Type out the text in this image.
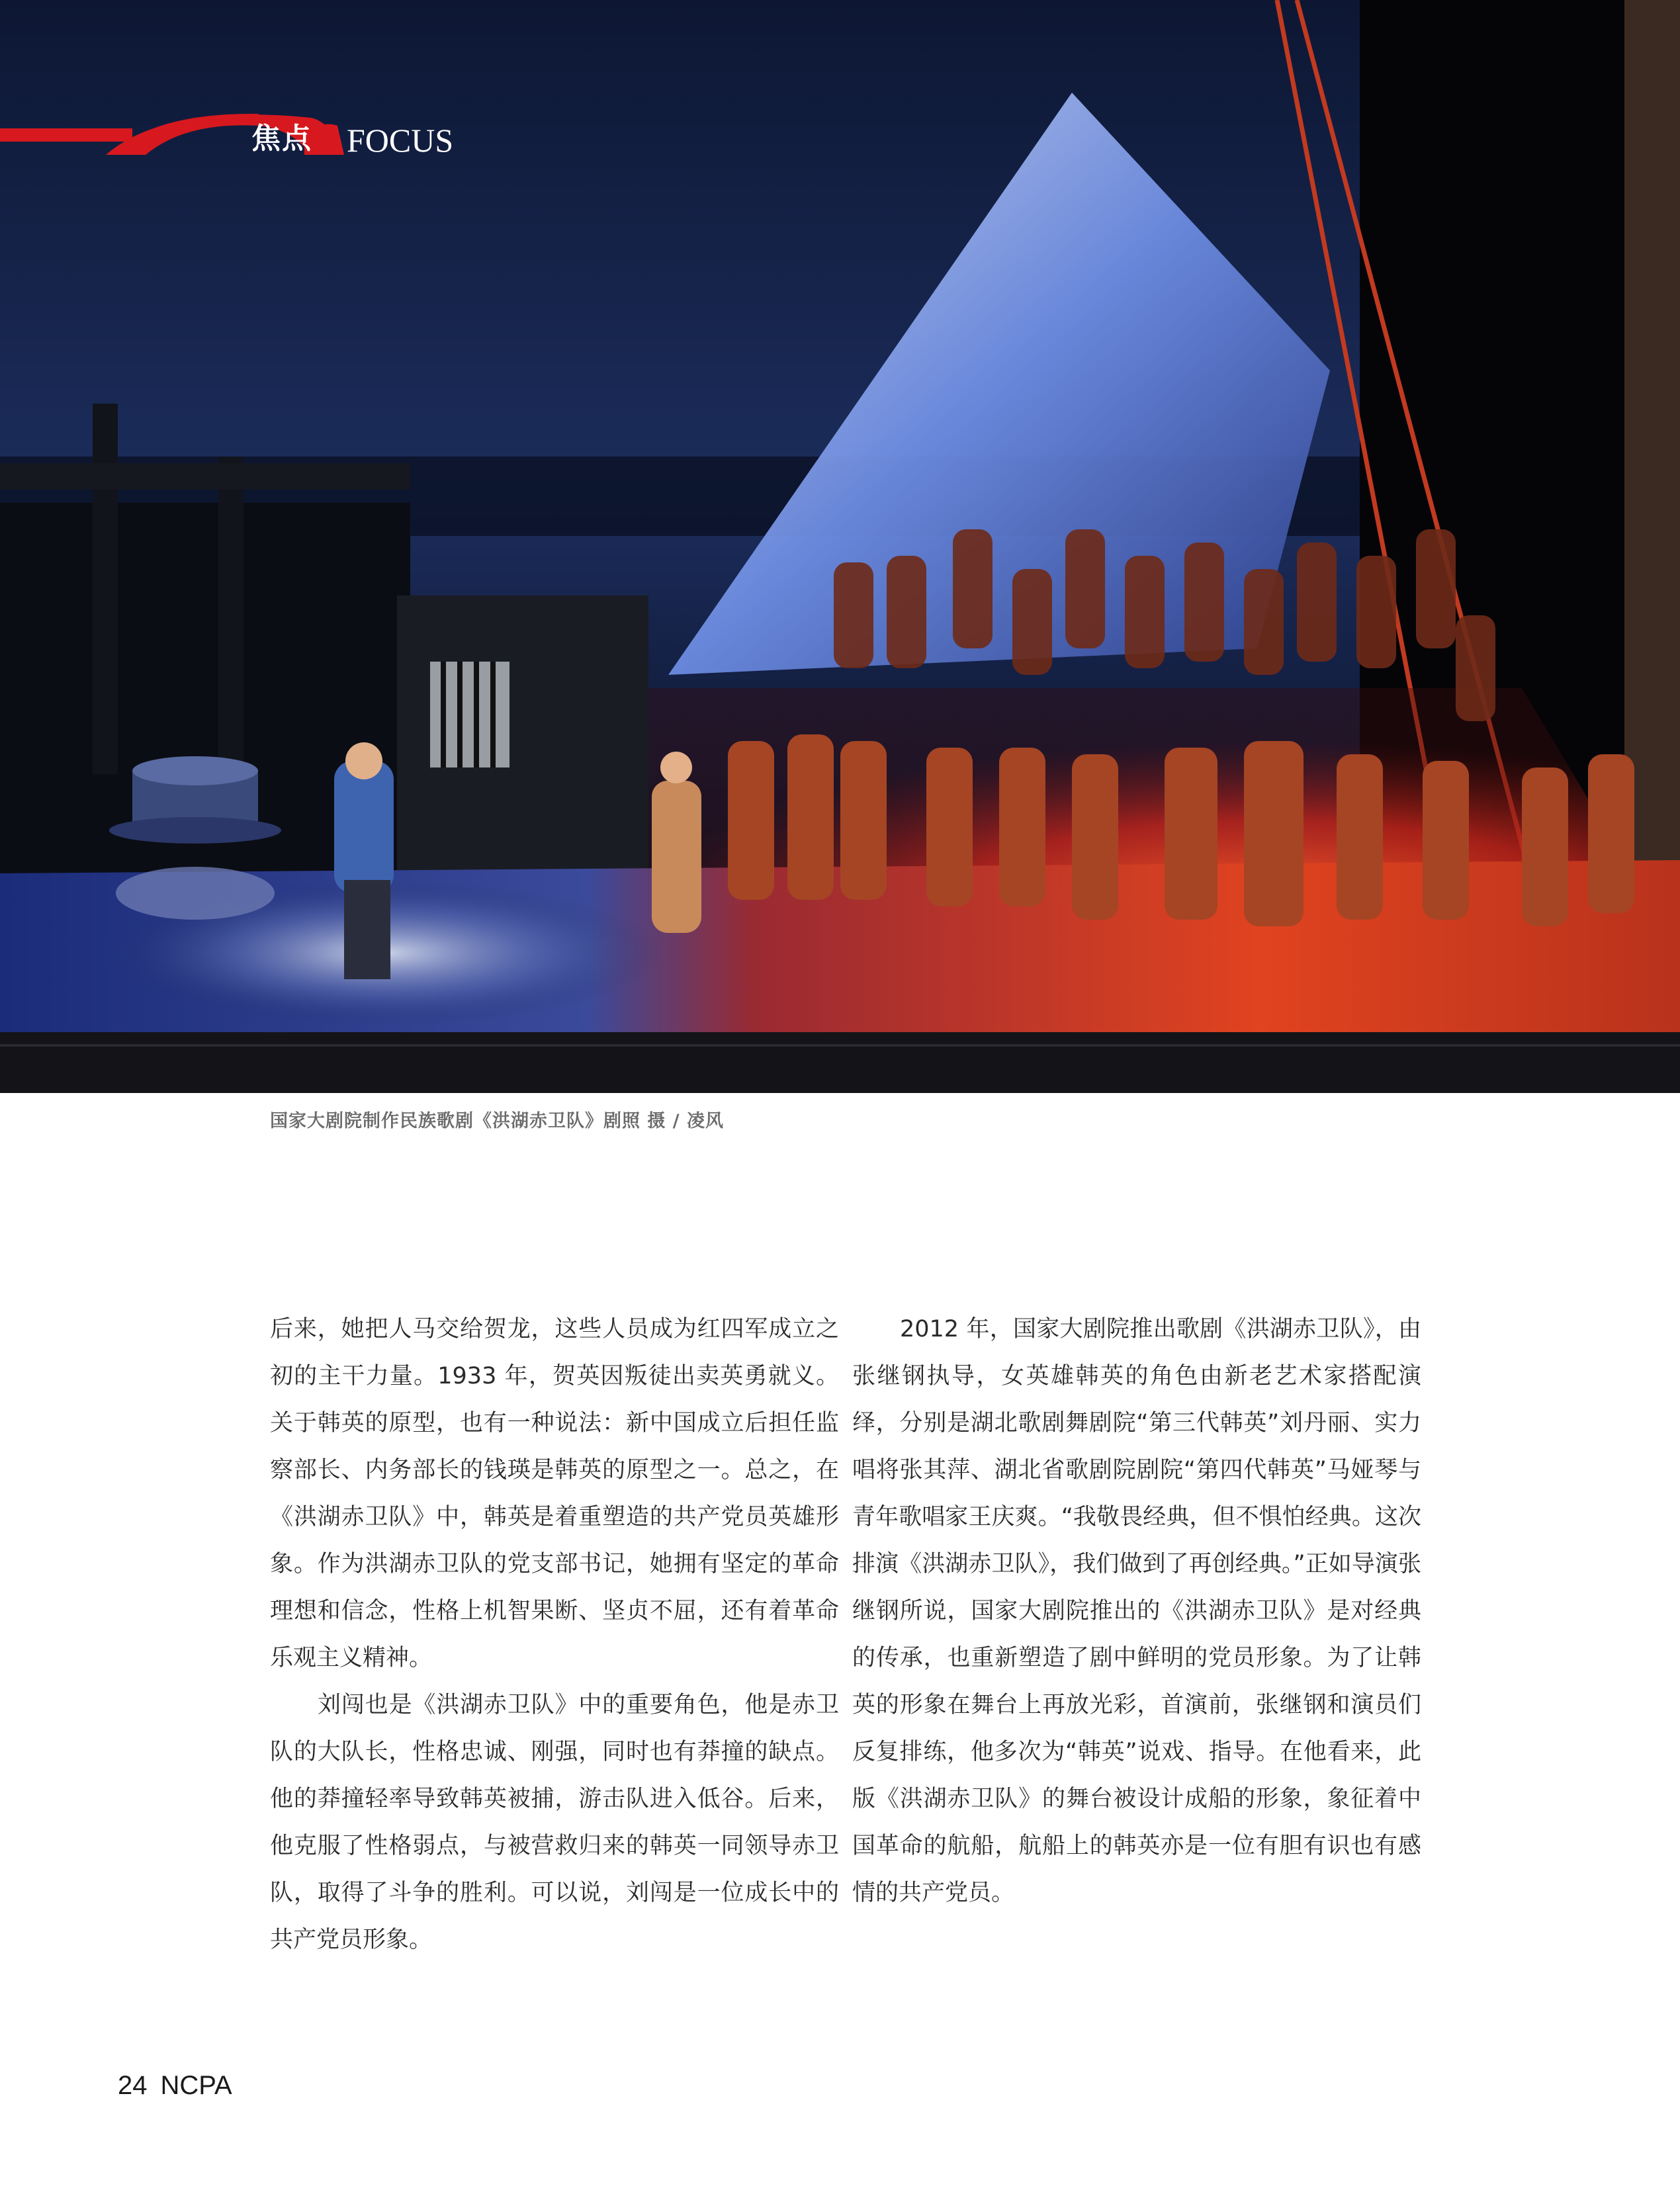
焦点 FOCUS
国家大剧院制作民族歌剧《洪湖赤卫队》剧照 摄 / 凌风

后来，她把人马交给贺龙，这些人员成为红四军成立之初的主干力量。1933 年，贺英因叛徒出卖英勇就义。关于韩英的原型，也有一种说法：新中国成立后担任监察部长、内务部长的钱瑛是韩英的原型之一。总之，在《洪湖赤卫队》中，韩英是着重塑造的共产党员英雄形象。作为洪湖赤卫队的党支部书记，她拥有坚定的革命理想和信念，性格上机智果断、坚贞不屈，还有着革命乐观主义精神。

刘闯也是《洪湖赤卫队》中的重要角色，他是赤卫队的大队长，性格忠诚、刚强，同时也有莽撞的缺点。他的莽撞轻率导致韩英被捕，游击队进入低谷。后来，他克服了性格弱点，与被营救归来的韩英一同领导赤卫队，取得了斗争的胜利。可以说，刘闯是一位成长中的共产党员形象。

2012 年，国家大剧院推出歌剧《洪湖赤卫队》，由张继钢执导，女英雄韩英的角色由新老艺术家搭配演绎，分别是湖北歌剧舞剧院“第三代韩英”刘丹丽、实力唱将张其萍、湖北省歌剧院剧院“第四代韩英”马娅琴与青年歌唱家王庆爽。“我敬畏经典，但不惧怕经典。这次排演《洪湖赤卫队》，我们做到了再创经典。”正如导演张继钢所说，国家大剧院推出的《洪湖赤卫队》是对经典的传承，也重新塑造了剧中鲜明的党员形象。为了让韩英的形象在舞台上再放光彩，首演前，张继钢和演员们反复排练，他多次为“韩英”说戏、指导。在他看来，此版《洪湖赤卫队》的舞台被设计成船的形象，象征着中国革命的航船，航船上的韩英亦是一位有胆有识也有感情的共产党员。

24 NCPA
